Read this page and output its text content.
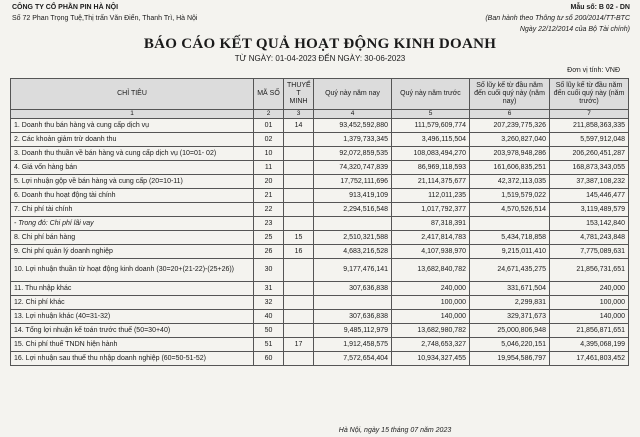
CÔNG TY CỔ PHẦN PIN HÀ NỘI
Số 72 Phan Trọng Tuệ,Thị trấn Văn Điển, Thanh Trì, Hà Nội
Mẫu số: B 02 - DN
(Ban hành theo Thông tư số 200/2014/TT-BTC
Ngày 22/12/2014 của Bộ Tài chính)
BÁO CÁO KẾT QUẢ HOẠT ĐỘNG KINH DOANH
TỪ NGÀY: 01-04-2023 ĐẾN NGÀY: 30-06-2023
Đơn vị tính: VNĐ
CHỈ TIÊU	MÃ SỐ	THUYẾ T MINH	Quý này năm nay	Quý này năm trước	Số lũy kế từ đầu năm đến cuối quý này (năm nay)	Số lũy kế từ đầu năm đến cuối quý này (năm trước)
1	2	3	4	5	6	7
1. Doanh thu bán hàng và cung cấp dịch vụ	01	14	93,452,592,880	111,579,609,774	207,239,775,326	211,858,363,335
2. Các khoản giảm trừ doanh thu	02		1,379,733,345	3,496,115,504	3,260,827,040	5,597,912,048
3. Doanh thu thuần về bán hàng và cung cấp dịch vụ (10=01- 02)	10		92,072,859,535	108,083,494,270	203,978,948,286	206,260,451,287
4. Giá vốn hàng bán	11		74,320,747,839	86,969,118,593	161,606,835,251	168,873,343,055
5. Lợi nhuận gộp về bán hàng và cung cấp (20=10-11)	20		17,752,111,696	21,114,375,677	42,372,113,035	37,387,108,232
6. Doanh thu hoạt động tài chính	21		913,419,109	112,011,235	1,519,579,022	145,446,477
7. Chi phí tài chính	22		2,294,516,548	1,017,792,377	4,570,526,514	3,119,489,579
- Trong đó: Chi phí lãi vay	23			87,318,391		153,142,840
8. Chi phí bán hàng	25	15	2,510,321,588	2,417,814,783	5,434,718,858	4,781,243,848
9. Chi phí quản lý doanh nghiệp	26	16	4,683,216,528	4,107,938,970	9,215,011,410	7,775,089,631
10. Lợi nhuận thuần từ hoạt động kinh doanh (30=20+(21-22)-(25+26))	30		9,177,476,141	13,682,840,782	24,671,435,275	21,856,731,651
11. Thu nhập khác	31		307,636,838	240,000	331,671,504	240,000
12. Chi phí khác	32			100,000	2,299,831	100,000
13. Lợi nhuận khác (40=31-32)	40		307,636,838	140,000	329,371,673	140,000
14. Tổng lợi nhuận kế toán trước thuế (50=30+40)	50		9,485,112,979	13,682,980,782	25,000,806,948	21,856,871,651
15. Chi phí thuế TNDN hiện hành	51	17	1,912,458,575	2,748,653,327	5,046,220,151	4,395,068,199
16. Lợi nhuận sau thuế thu nhập doanh nghiệp (60=50-51-52)	60		7,572,654,404	10,934,327,455	19,954,586,797	17,461,803,452
Hà Nội, ngày 15 tháng 07 năm 2023
